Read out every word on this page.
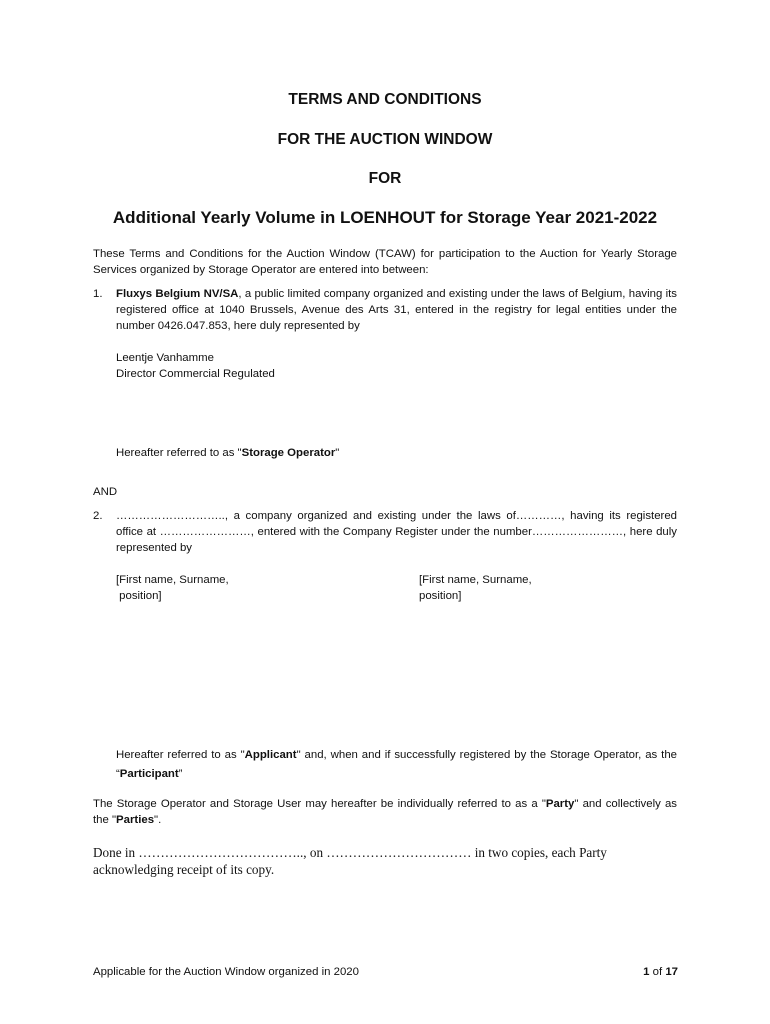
TERMS AND CONDITIONS
FOR THE AUCTION WINDOW
FOR
Additional Yearly Volume in LOENHOUT for Storage Year 2021-2022
These Terms and Conditions for the Auction Window (TCAW) for participation to the Auction for Yearly Storage Services organized by Storage Operator are entered into between:
1. Fluxys Belgium NV/SA, a public limited company organized and existing under the laws of Belgium, having its registered office at 1040 Brussels, Avenue des Arts 31, entered in the registry for legal entities under the number 0426.047.853, here duly represented by
Leentje Vanhamme
Director Commercial Regulated
Hereafter referred to as "Storage Operator"
AND
2. ……………………….., a company organized and existing under the laws of…………, having its registered office at ……………………, entered with the Company Register under the number……………………, here duly represented by
[First name, Surname,
position]
[First name, Surname,
position]
Hereafter referred to as "Applicant" and, when and if successfully registered by the Storage Operator, as the “Participant”
The Storage Operator and Storage User may hereafter be individually referred to as a "Party" and collectively as the "Parties".
Done in ……………………………….., on …………………………… in two copies, each Party acknowledging receipt of its copy.
Applicable for the Auction Window organized in 2020	1 of 17
